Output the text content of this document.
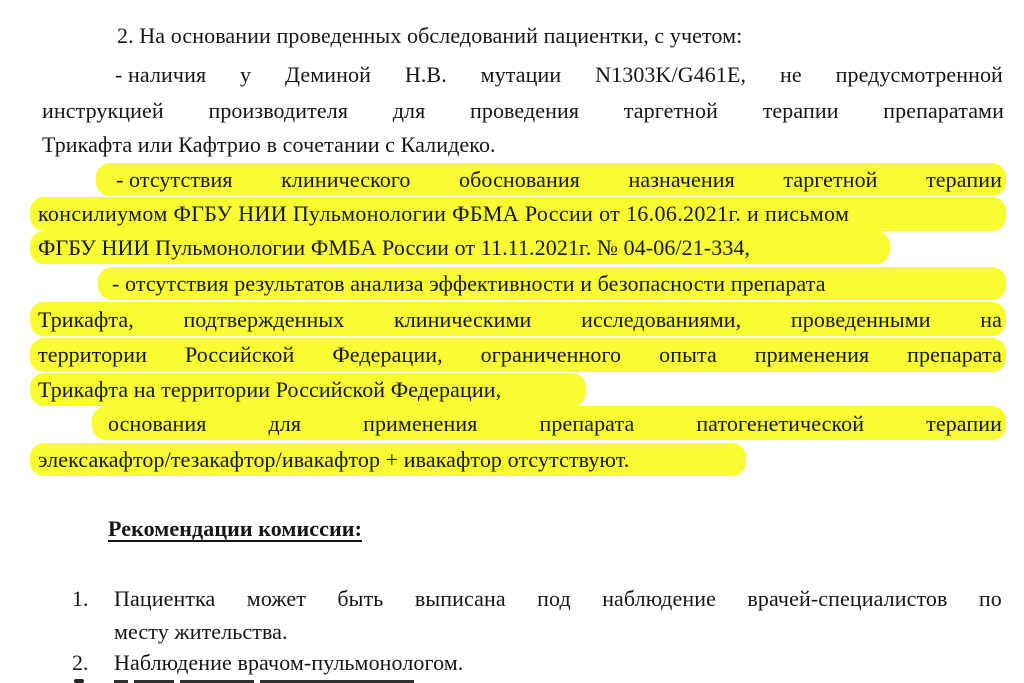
2. На основании проведенных обследований пациентки, с учетом:
- наличия у Деминой Н.В. мутации N1303K/G461E, не предусмотренной
инструкцией производителя для проведения таргетной терапии препаратами
Трикафта или Кафтрио в сочетании с Калидеко.
- отсутствия клинического обоснования назначения таргетной терапии
консилиумом ФГБУ НИИ Пульмонологии ФБМА России от 16.06.2021г. и письмом
ФГБУ НИИ Пульмонологии ФМБА России от 11.11.2021г. № 04-06/21-334,
- отсутствия результатов анализа эффективности и безопасности препарата
Трикафта, подтвержденных клиническими исследованиями, проведенными на
территории Российской Федерации, ограниченного опыта применения препарата
Трикафта на территории Российской Федерации,
основания	для	применения	препарата	патогенетической	терапии
элексакафтор/тезакафтор/ивакафтор + ивакафтор отсутствуют.
Рекомендации комиссии:
1. Пациентка может быть выписана под наблюдение врачей-специалистов по
месту жительства.
2. Наблюдение врачом-пульмонологом.
